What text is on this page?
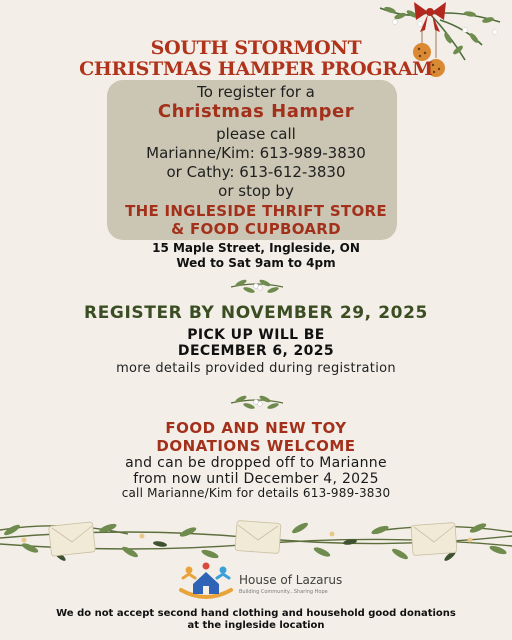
SOUTH STORMONT
CHRISTMAS HAMPER PROGRAM
To register for a
Christmas Hamper
please call
Marianne/Kim: 613-989-3830
or Cathy: 613-612-3830
or stop by
THE INGLESIDE THRIFT STORE
& FOOD CUPBOARD
15 Maple Street, Ingleside, ON
Wed to Sat 9am to 4pm
REGISTER BY NOVEMBER 29, 2025
PICK UP WILL BE
DECEMBER 6, 2025
more details provided during registration
FOOD AND NEW TOY
DONATIONS WELCOME
and can be dropped off to Marianne
from now until December 4, 2025
call Marianne/Kim for details 613-989-3830
House of Lazarus
Building Community...Sharing Hope
We do not accept second hand clothing and household good donations
at the ingleside location
